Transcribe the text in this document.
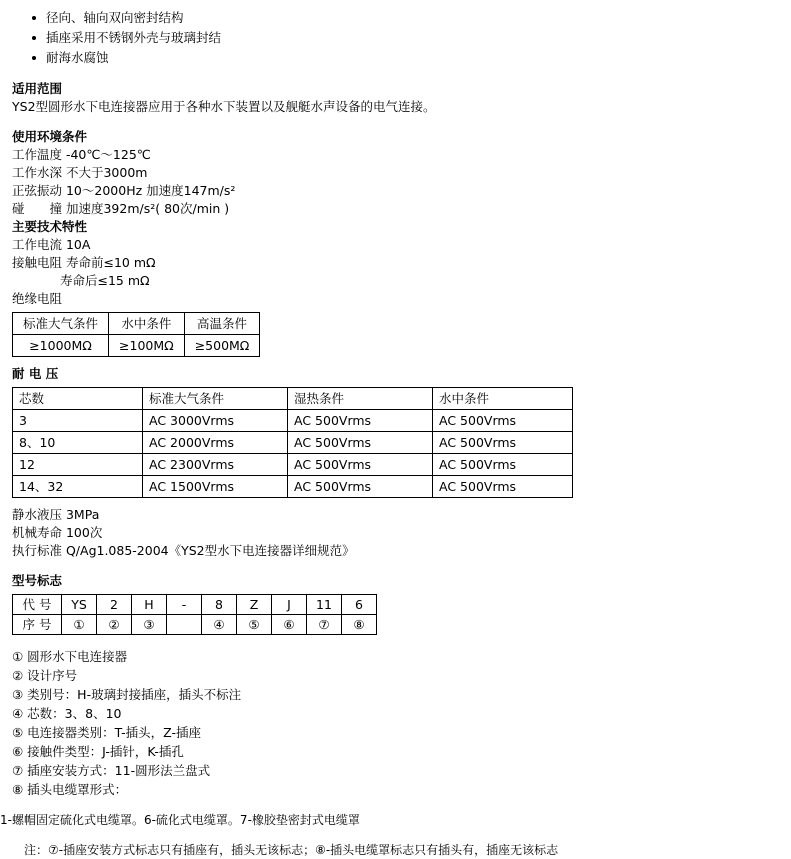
径向、轴向双向密封结构
插座采用不锈钢外壳与玻璃封结
耐海水腐蚀

适用范围

YS2型圆形水下电连接器应用于各种水下装置以及舰艇水声设备的电气连接。

使用环境条件

工作温度 -40℃～125℃

工作水深 不大于3000m

正弦振动 10～2000Hz 加速度147m/s²

碰　　撞 加速度392m/s²( 80次/min )

主要技术特性

工作电流 10A

接触电阻 寿命前≤10 mΩ

寿命后≤15 mΩ

绝缘电阻

标准大气条件	水中条件	高温条件
≥1000MΩ	≥100MΩ	≥500MΩ

耐 电 压

芯数	标准大气条件	湿热条件	水中条件
3	AC 3000Vrms	AC 500Vrms	AC 500Vrms
8、10	AC 2000Vrms	AC 500Vrms	AC 500Vrms
12	AC 2300Vrms	AC 500Vrms	AC 500Vrms
14、32	AC 1500Vrms	AC 500Vrms	AC 500Vrms

静水液压 3MPa

机械寿命 100次

执行标准 Q/Ag1.085-2004《YS2型水下电连接器详细规范》

型号标志

代 号	YS	2	H	-	8	Z	J	11	6
序 号	①	②	③		④	⑤	⑥	⑦	⑧

① 圆形水下电连接器

② 设计序号

③ 类别号：H-玻璃封接插座，插头不标注

④ 芯数：3、8、10

⑤ 电连接器类别：T-插头，Z-插座

⑥ 接触件类型：J-插针，K-插孔

⑦ 插座安装方式：11-圆形法兰盘式

⑧ 插头电缆罩形式：

1-螺帽固定硫化式电缆罩。6-硫化式电缆罩。7-橡胶垫密封式电缆罩

注：⑦-插座安装方式标志只有插座有，插头无该标志；⑧-插头电缆罩标志只有插头有，插座无该标志
